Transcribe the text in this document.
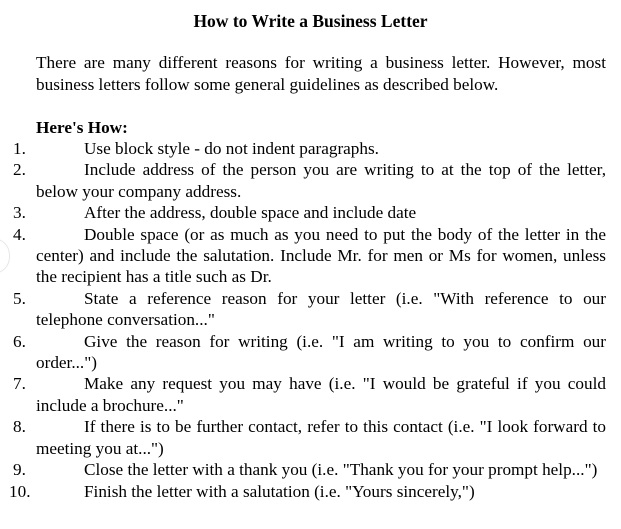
How to Write a Business Letter

There are many different reasons for writing a business letter. However, most business letters follow some general guidelines as described below.

Here's How:

1.	Use block style - do not indent paragraphs.
2.	Include address of the person you are writing to at the top of the letter, below your company address.
3.	After the address, double space and include date
4.	Double space (or as much as you need to put the body of the letter in the center) and include the salutation. Include Mr. for men or Ms for women, unless the recipient has a title such as Dr.
5.	State a reference reason for your letter (i.e. "With reference to our telephone conversation..."
6.	Give the reason for writing (i.e. "I am writing to you to confirm our order...")
7.	Make any request you may have (i.e. "I would be grateful if you could include a brochure..."
8.	If there is to be further contact, refer to this contact (i.e. "I look forward to meeting you at...")
9.	Close the letter with a thank you (i.e. "Thank you for your prompt help...")
10.	Finish the letter with a salutation (i.e. "Yours sincerely,")
